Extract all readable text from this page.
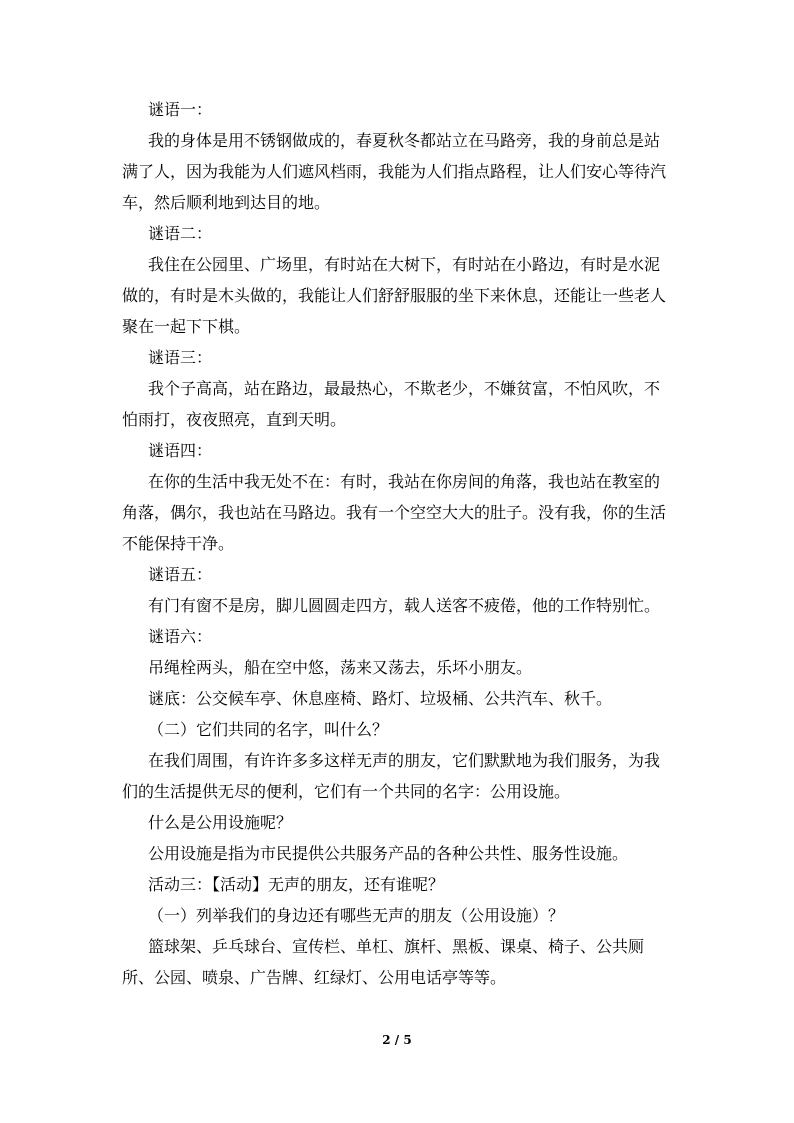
谜语一：

我的身体是用不锈钢做成的，春夏秋冬都站立在马路旁，我的身前总是站
满了人，因为我能为人们遮风档雨，我能为人们指点路程，让人们安心等待汽
车，然后顺利地到达目的地。

谜语二：

我住在公园里、广场里，有时站在大树下，有时站在小路边，有时是水泥
做的，有时是木头做的，我能让人们舒舒服服的坐下来休息，还能让一些老人
聚在一起下下棋。

谜语三：

我个子高高，站在路边，最最热心，不欺老少，不嫌贫富，不怕风吹，不
怕雨打，夜夜照亮，直到天明。

谜语四：

在你的生活中我无处不在：有时，我站在你房间的角落，我也站在教室的
角落，偶尔，我也站在马路边。我有一个空空大大的肚子。没有我，你的生活
不能保持干净。

谜语五：

有门有窗不是房，脚儿圆圆走四方，载人送客不疲倦，他的工作特别忙。

谜语六：

吊绳栓两头，船在空中悠，荡来又荡去，乐坏小朋友。

谜底：公交候车亭、休息座椅、路灯、垃圾桶、公共汽车、秋千。

（二）它们共同的名字，叫什么？

在我们周围，有许许多多这样无声的朋友，它们默默地为我们服务，为我
们的生活提供无尽的便利，它们有一个共同的名字：公用设施。

什么是公用设施呢？

公用设施是指为市民提供公共服务产品的各种公共性、服务性设施。

活动三：【活动】无声的朋友，还有谁呢？

（一）列举我们的身边还有哪些无声的朋友（公用设施）？

篮球架、乒乓球台、宣传栏、单杠、旗杆、黑板、课桌、椅子、公共厕
所、公园、喷泉、广告牌、红绿灯、公用电话亭等等。

2 / 5
